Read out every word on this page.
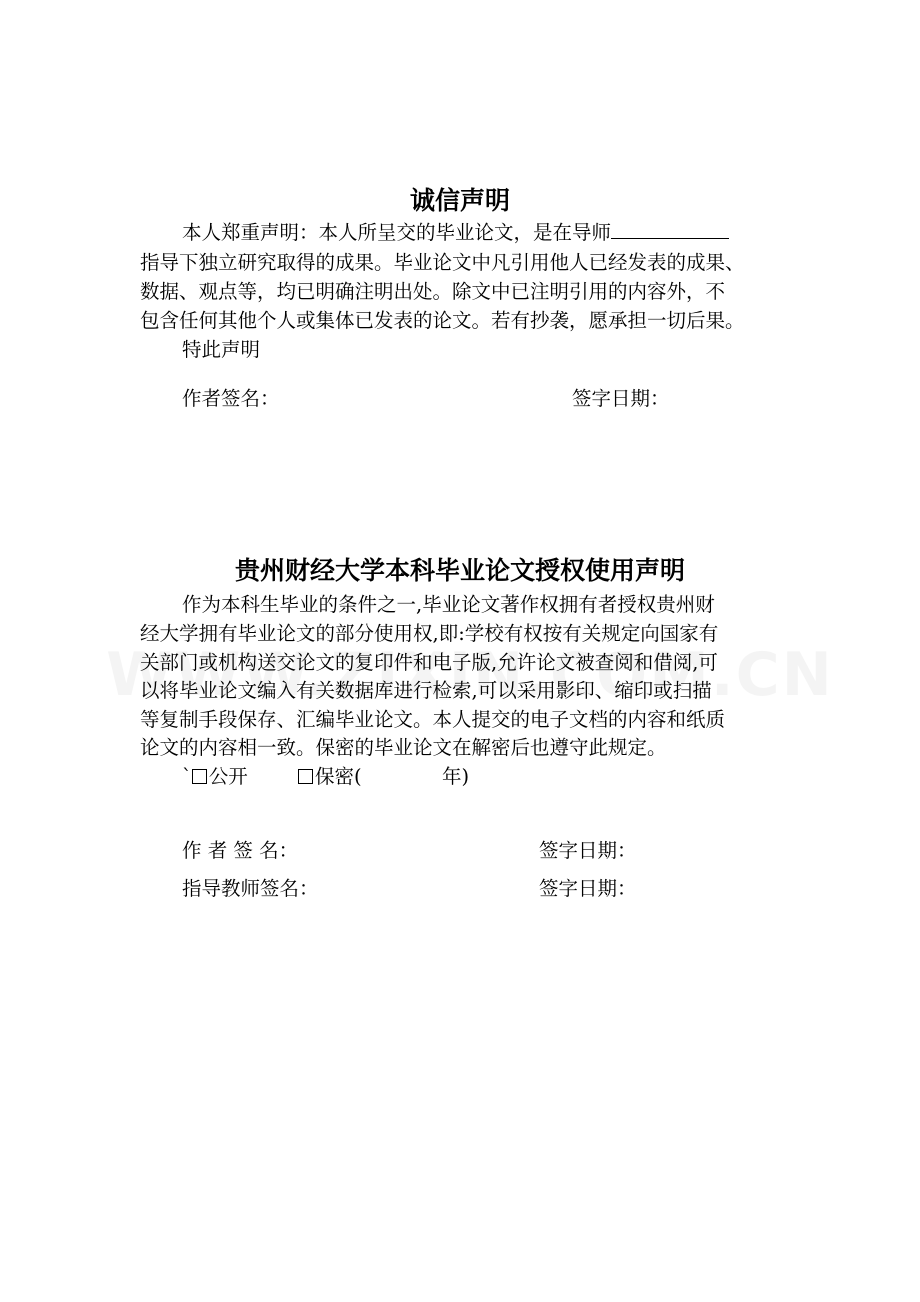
诚信声明
本人郑重声明：本人所呈交的毕业论文，是在导师
指导下独立研究取得的成果。毕业论文中凡引用他人已经发表的成果、
数据、观点等，均已明确注明出处。除文中已注明引用的内容外，不
包含任何其他个人或集体已发表的论文。若有抄袭，愿承担一切后果。
特此声明
作者签名：	签字日期：
贵州财经大学本科毕业论文授权使用声明
作为本科生毕业的条件之一,毕业论文著作权拥有者授权贵州财
经大学拥有毕业论文的部分使用权,即:学校有权按有关规定向国家有
关部门或机构送交论文的复印件和电子版,允许论文被查阅和借阅,可
以将毕业论文编入有关数据库进行检索,可以采用影印、缩印或扫描
等复制手段保存、汇编毕业论文。本人提交的电子文档的内容和纸质
论文的内容相一致。保密的毕业论文在解密后也遵守此规定。
` 公开	保密(	年)
作 者 签 名：	签字日期：
指导教师签名：	签字日期：
